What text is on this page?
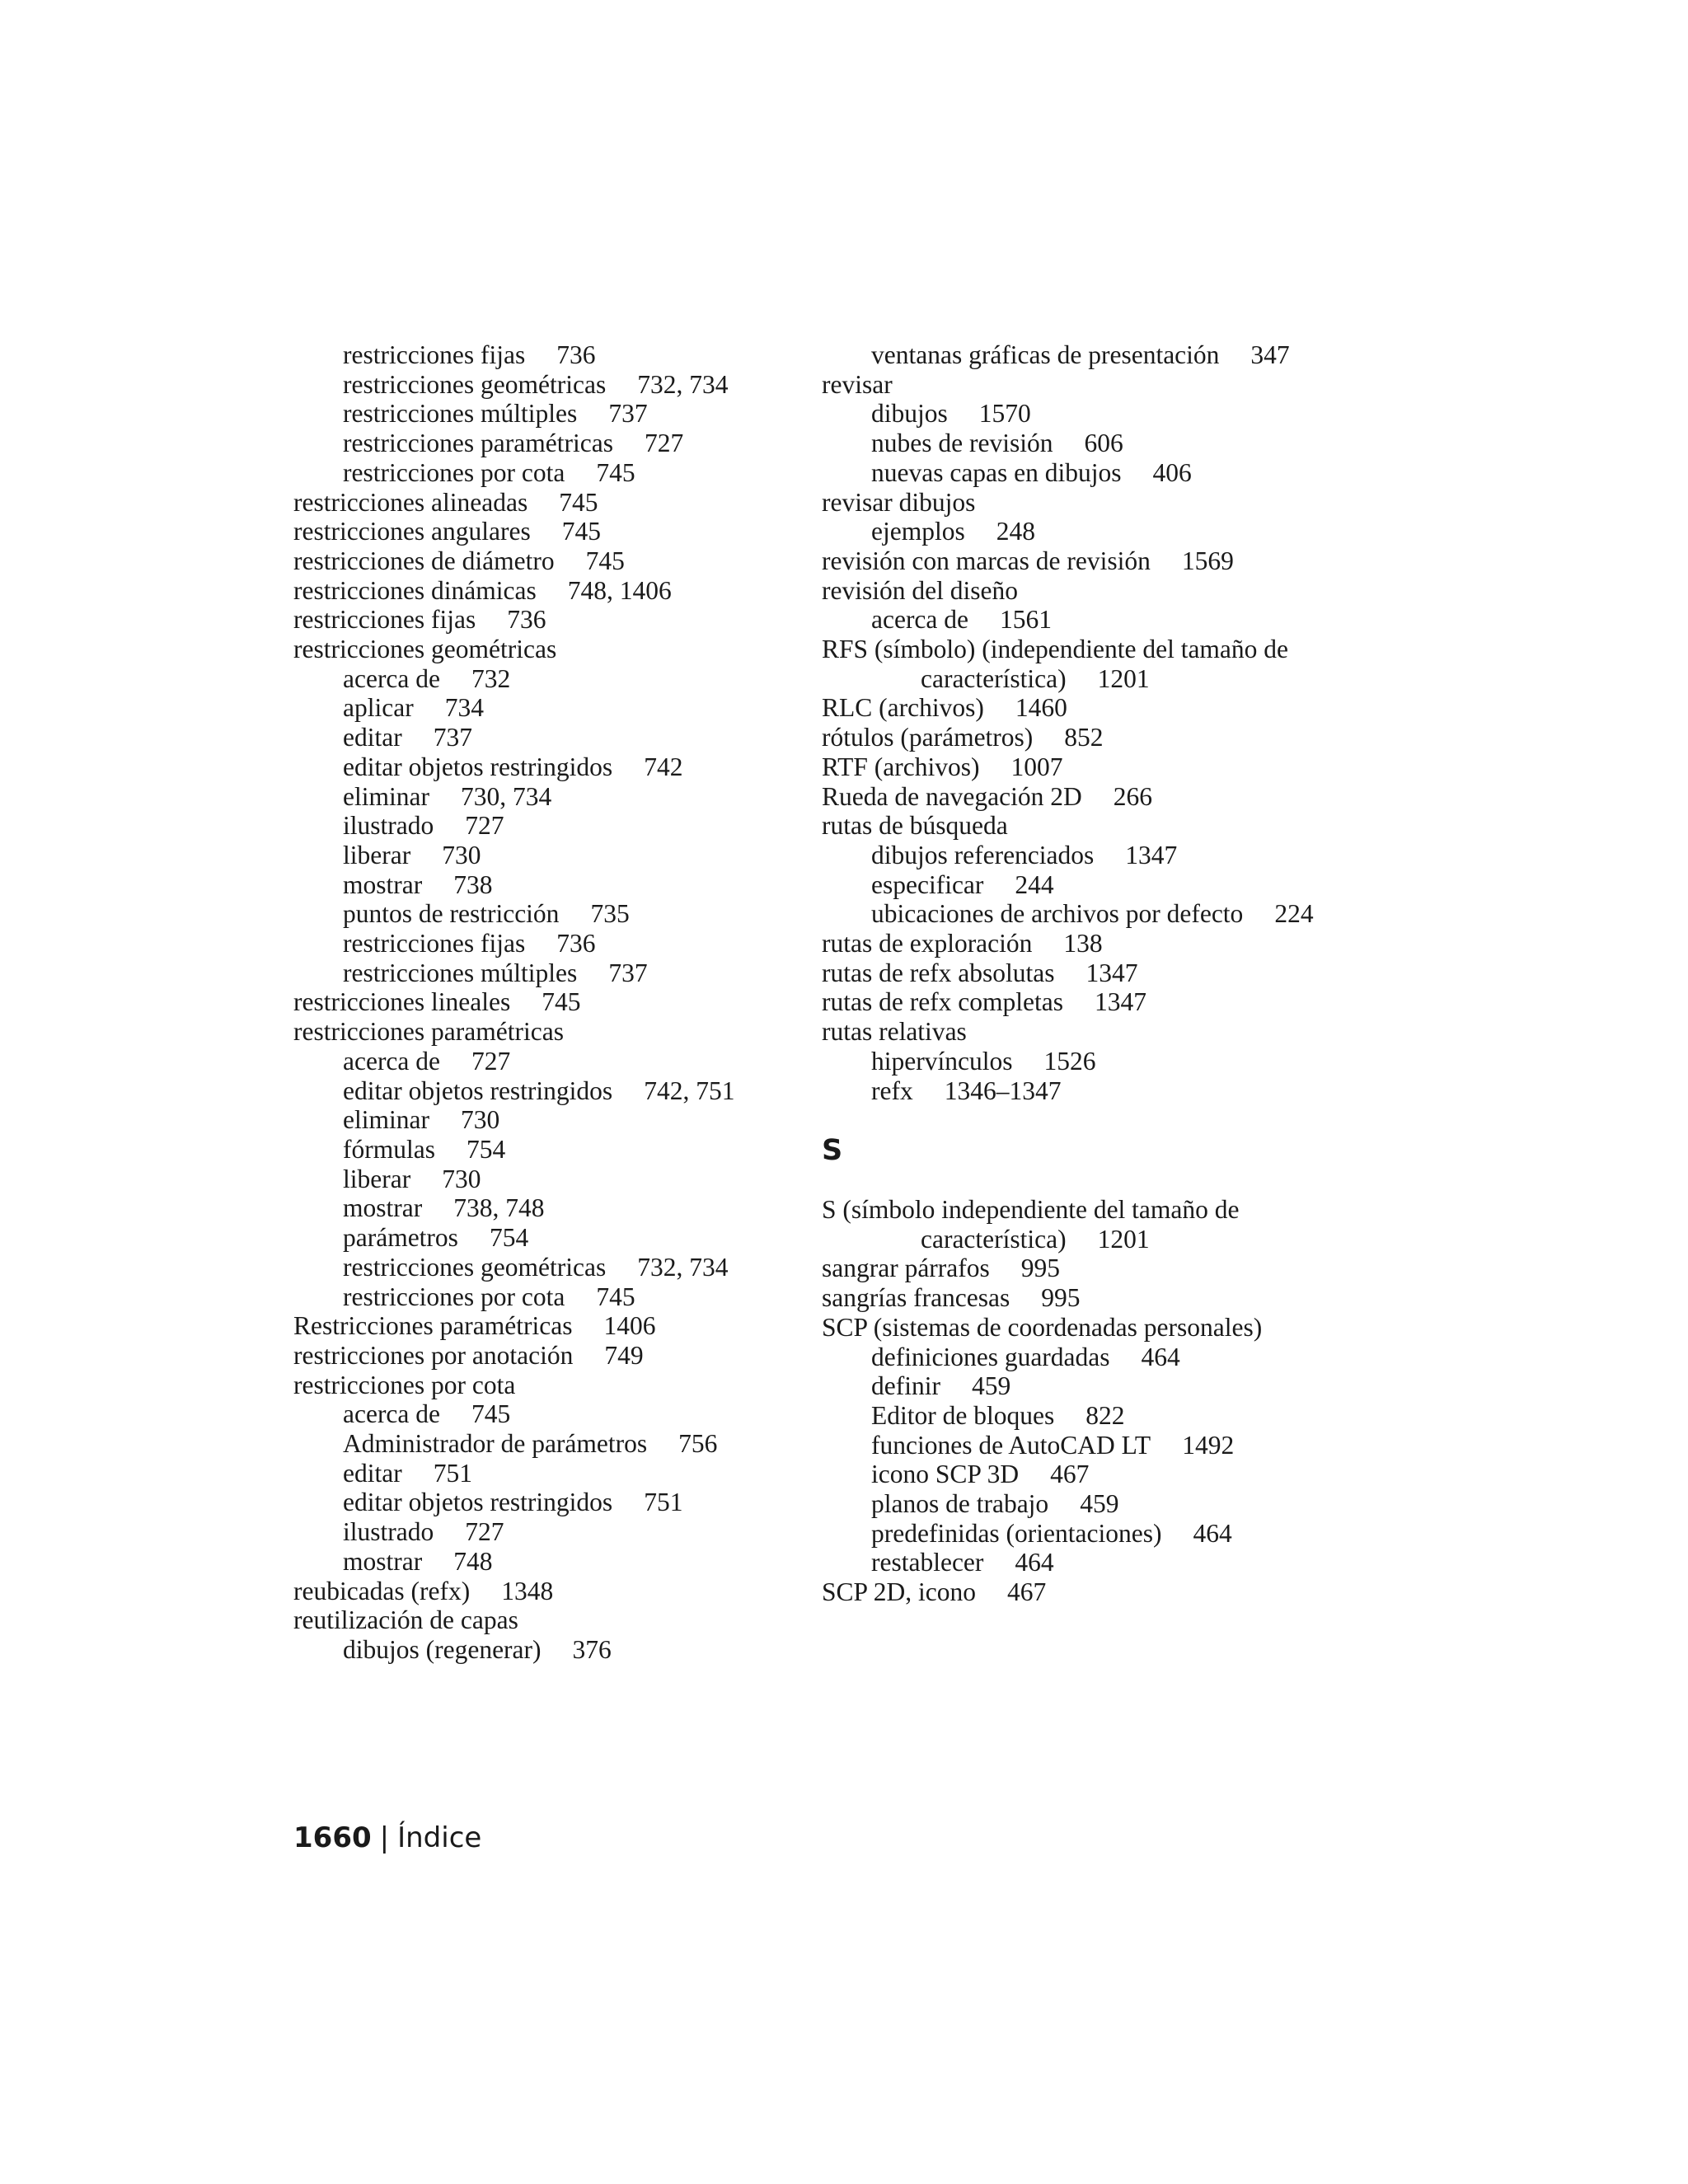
restricciones fijas 736
restricciones geométricas 732, 734
restricciones múltiples 737
restricciones paramétricas 727
restricciones por cota 745
restricciones alineadas 745
restricciones angulares 745
restricciones de diámetro 745
restricciones dinámicas 748, 1406
restricciones fijas 736
restricciones geométricas
acerca de 732
aplicar 734
editar 737
editar objetos restringidos 742
eliminar 730, 734
ilustrado 727
liberar 730
mostrar 738
puntos de restricción 735
restricciones fijas 736
restricciones múltiples 737
restricciones lineales 745
restricciones paramétricas
acerca de 727
editar objetos restringidos 742, 751
eliminar 730
fórmulas 754
liberar 730
mostrar 738, 748
parámetros 754
restricciones geométricas 732, 734
restricciones por cota 745
Restricciones paramétricas 1406
restricciones por anotación 749
restricciones por cota
acerca de 745
Administrador de parámetros 756
editar 751
editar objetos restringidos 751
ilustrado 727
mostrar 748
reubicadas (refx) 1348
reutilización de capas
dibujos (regenerar) 376
ventanas gráficas de presentación 347
revisar
dibujos 1570
nubes de revisión 606
nuevas capas en dibujos 406
revisar dibujos
ejemplos 248
revisión con marcas de revisión 1569
revisión del diseño
acerca de 1561
RFS (símbolo) (independiente del tamaño de característica) 1201
RLC (archivos) 1460
rótulos (parámetros) 852
RTF (archivos) 1007
Rueda de navegación 2D 266
rutas de búsqueda
dibujos referenciados 1347
especificar 244
ubicaciones de archivos por defecto 224
rutas de exploración 138
rutas de refx absolutas 1347
rutas de refx completas 1347
rutas relativas
hipervínculos 1526
refx 1346–1347
S
S (símbolo independiente del tamaño de característica) 1201
sangrar párrafos 995
sangrías francesas 995
SCP (sistemas de coordenadas personales)
definiciones guardadas 464
definir 459
Editor de bloques 822
funciones de AutoCAD LT 1492
icono SCP 3D 467
planos de trabajo 459
predefinidas (orientaciones) 464
restablecer 464
SCP 2D, icono 467
1660 | Índice
